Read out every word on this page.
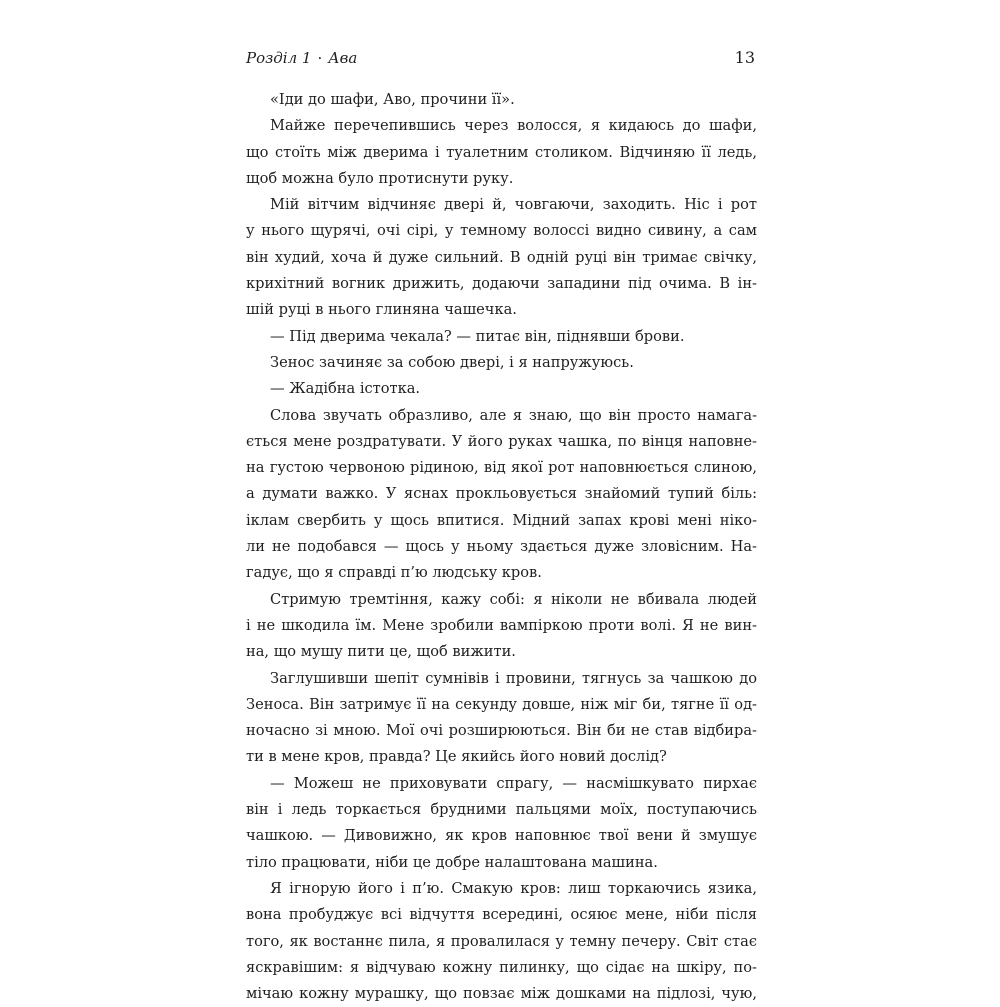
Розділ 1 · Ава	13
«Іди до шафи, Аво, прочини її».
Майже перечепившись через волосся, я кидаюсь до шафи,
що стоїть між дверима і туалетним столиком. Відчиняю її ледь,
щоб можна було протиснути руку.
Мій вітчим відчиняє двері й, човгаючи, заходить. Ніс і рот
у нього щурячі, очі сірі, у темному волоссі видно сивину, а сам
він худий, хоча й дуже сильний. В одній руці він тримає свічку,
крихітний вогник дрижить, додаючи западини під очима. В ін-
шій руці в нього глиняна чашечка.
— Під дверима чекала? — питає він, піднявши брови.
Зенос зачиняє за собою двері, і я напружуюсь.
— Жадібна істотка.
Слова звучать образливо, але я знаю, що він просто намага-
ється мене роздратувати. У його руках чашка, по вінця наповне-
на густою червоною рідиною, від якої рот наповнюється слиною,
а думати важко. У яснах прокльовується знайомий тупий біль:
іклам свербить у щось впитися. Мідний запах крові мені ніко-
ли не подобався — щось у ньому здається дуже зловісним. На-
гадує, що я справді п’ю людську кров.
Стримую тремтіння, кажу собі: я ніколи не вбивала людей
і не шкодила їм. Мене зробили вампіркою проти волі. Я не вин-
на, що мушу пити це, щоб вижити.
Заглушивши шепіт сумнівів і провини, тягнусь за чашкою до
Зеноса. Він затримує її на секунду довше, ніж міг би, тягне її од-
ночасно зі мною. Мої очі розширюються. Він би не став відбира-
ти в мене кров, правда? Це якийсь його новий дослід?
— Можеш не приховувати спрагу, — насмішкувато пирхає
він і ледь торкається брудними пальцями моїх, поступаючись
чашкою. — Дивовижно, як кров наповнює твої вени й змушує
тіло працювати, ніби це добре налаштована машина.
Я ігнорую його і п’ю. Смакую кров: лиш торкаючись язика,
вона пробуджує всі відчуття всередині, осяює мене, ніби після
того, як востаннє пила, я провалилася у темну печеру. Світ стає
яскравішим: я відчуваю кожну пилинку, що сідає на шкіру, по-
мічаю кожну мурашку, що повзає між дошками на підлозі, чую,
